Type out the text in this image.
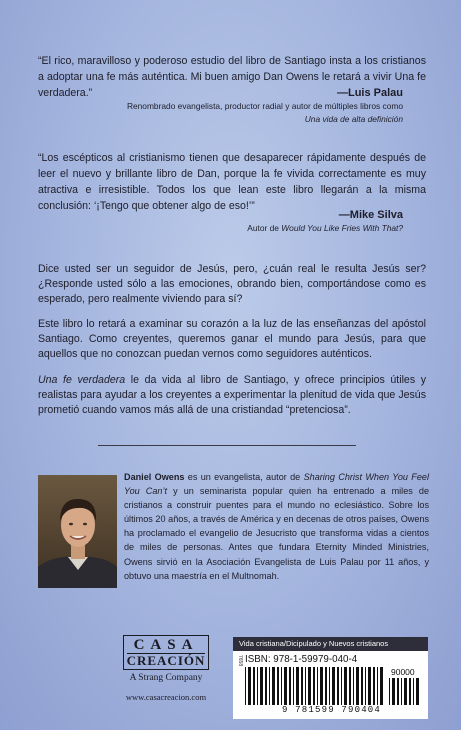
“El rico, maravilloso y poderoso estudio del libro de Santiago insta a los cristianos a adoptar una fe más auténtica. Mi buen amigo Dan Owens le retará a vivir Una fe verdadera.”	—Luis Palau
Renombrado evangelista, productor radial y autor de múltiples libros como
Una vida de alta definición

“Los escépticos al cristianismo tienen que desaparecer rápidamente después de leer el nuevo y brillante libro de Dan, porque la fe vivida correctamente es muy atractiva e irresistible. Todos los que lean este libro llegarán a la misma conclusión: ‘¡Tengo que obtener algo de eso!’”

—Mike Silva
Autor de Would You Like Fries With That?

Dice usted ser un seguidor de Jesús, pero, ¿cuán real le resulta Jesús ser? ¿Responde usted sólo a las emociones, obrando bien, comportándose como es esperado, pero realmente viviendo para sí?

Este libro lo retará a examinar su corazón a la luz de las enseñanzas del apóstol Santiago. Como creyentes, queremos ganar el mundo para Jesús, para que aquellos que no conozcan puedan vernos como seguidores auténticos.

Una fe verdadera le da vida al libro de Santiago, y ofrece principios útiles y realistas para ayudar a los creyentes a experimentar la plenitud de vida que Jesús prometió cuando vamos más allá de una cristiandad “pretenciosa”.

Daniel Owens es un evangelista, autor de Sharing Christ When You Feel You Can’t y un seminarista popular quien ha entrenado a miles de cristianos a construir puentes para el mundo no eclesiástico. Sobre los últimos 20 años, a través de América y en decenas de otros países, Owens ha proclamado el evangelio de Jesucristo que transforma vidas a cientos de miles de personas. Antes que fundara Eternity Minded Ministries, Owens sirvió en la Asociación Evangelista de Luis Palau por 11 años, y obtuvo una maestría en el Multnomah.

CASA
CREACIÓN
A Strang Company
www.casacreacion.com
Vida cristiana/Dicipulado y Nuevos cristianos
7658 ISBN: 978-1-59979-040-4
90000
9 781599 790404
